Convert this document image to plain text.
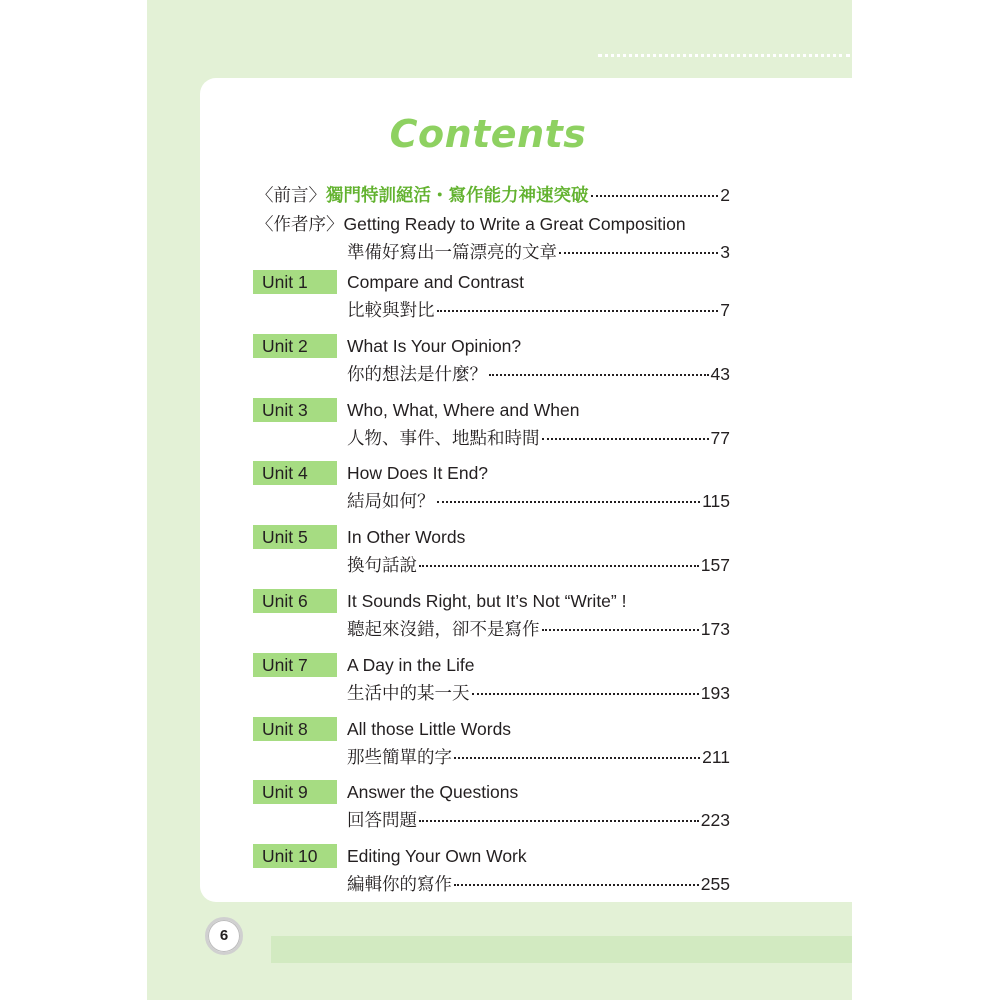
Contents
〈前言〉 獨門特訓絕活・寫作能力神速突破	2
〈作者序〉 Getting Ready to Write a Great Composition
準備好寫出一篇漂亮的文章	3
Unit 1	Compare and Contrast
比較與對比	7
Unit 2	What Is Your Opinion?
你的想法是什麼？	43
Unit 3	Who, What, Where and When
人物、事件、地點和時間	77
Unit 4	How Does It End?
結局如何？	115
Unit 5	In Other Words
換句話說	157
Unit 6	It Sounds Right, but It’s Not “Write” !
聽起來沒錯，卻不是寫作	173
Unit 7	A Day in the Life
生活中的某一天	193
Unit 8	All those Little Words
那些簡單的字	211
Unit 9	Answer the Questions
回答問題	223
Unit 10	Editing Your Own Work
編輯你的寫作	255
6
